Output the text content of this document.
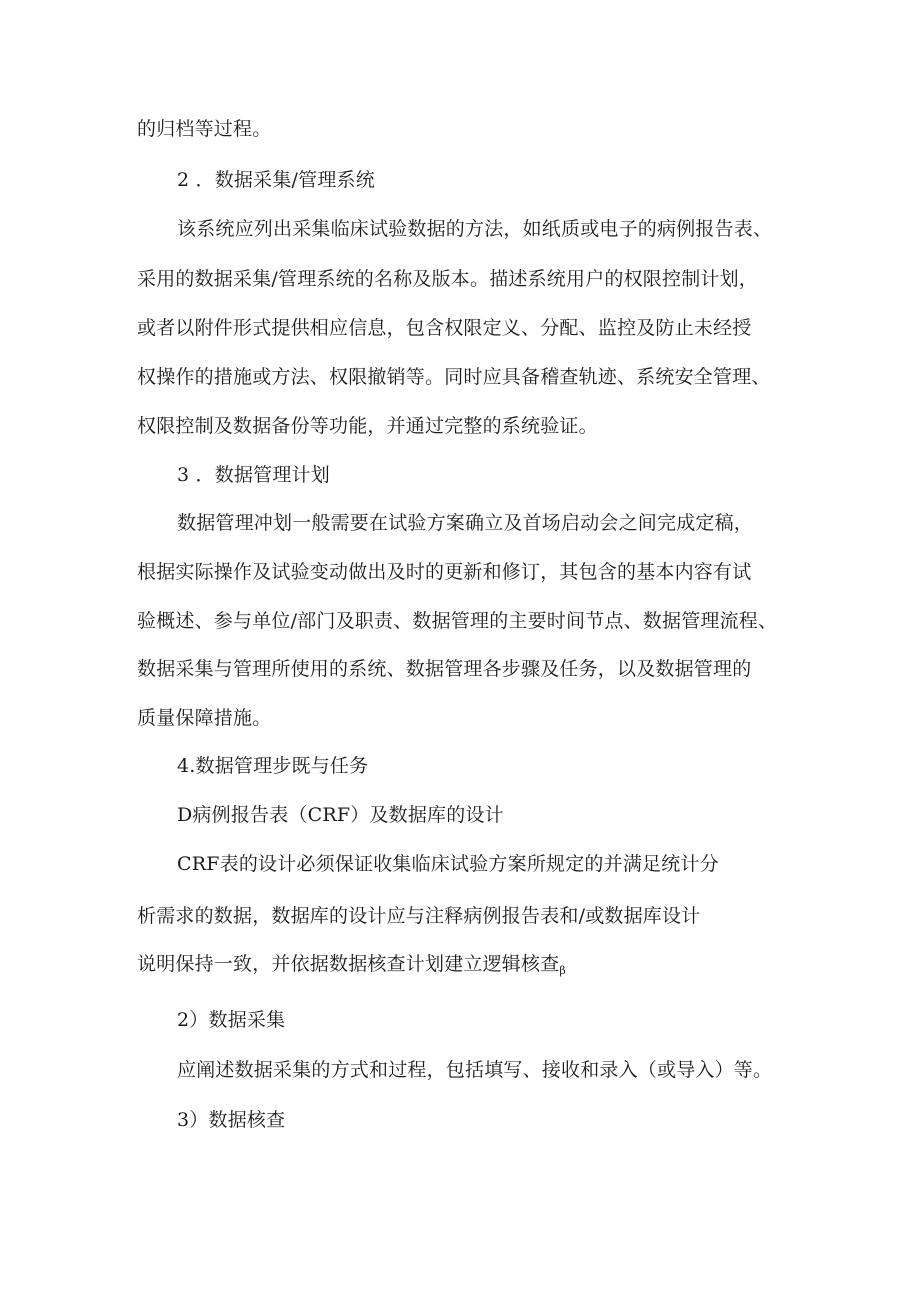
的归档等过程。
2 ．数据采集/管理系统
该系统应列出采集临床试验数据的方法，如纸质或电子的病例报告表、
采用的数据采集/管理系统的名称及版本。描述系统用户的权限控制计划，
或者以附件形式提供相应信息，包含权限定义、分配、监控及防止未经授
权操作的措施或方法、权限撤销等。同时应具备稽查轨迹、系统安全管理、
权限控制及数据备份等功能，并通过完整的系统验证。
3 ．数据管理计划
数据管理冲划一般需要在试验方案确立及首场启动会之间完成定稿，
根据实际操作及试验变动做出及时的更新和修订，其包含的基本内容有试
验概述、参与单位/部门及职责、数据管理的主要时间节点、数据管理流程、
数据采集与管理所使用的系统、数据管理各步骤及任务，以及数据管理的
质量保障措施。
4.数据管理步既与任务
D病例报告表（CRF）及数据库的设计
CRF表的设计必须保证收集临床试验方案所规定的并满足统计分
析需求的数据，数据库的设计应与注释病例报告表和/或数据库设计
说明保持一致，并依据数据核查计划建立逻辑核查$_\beta$
2）数据采集
应阐述数据采集的方式和过程，包括填写、接收和录入（或导入）等。
3）数据核查
